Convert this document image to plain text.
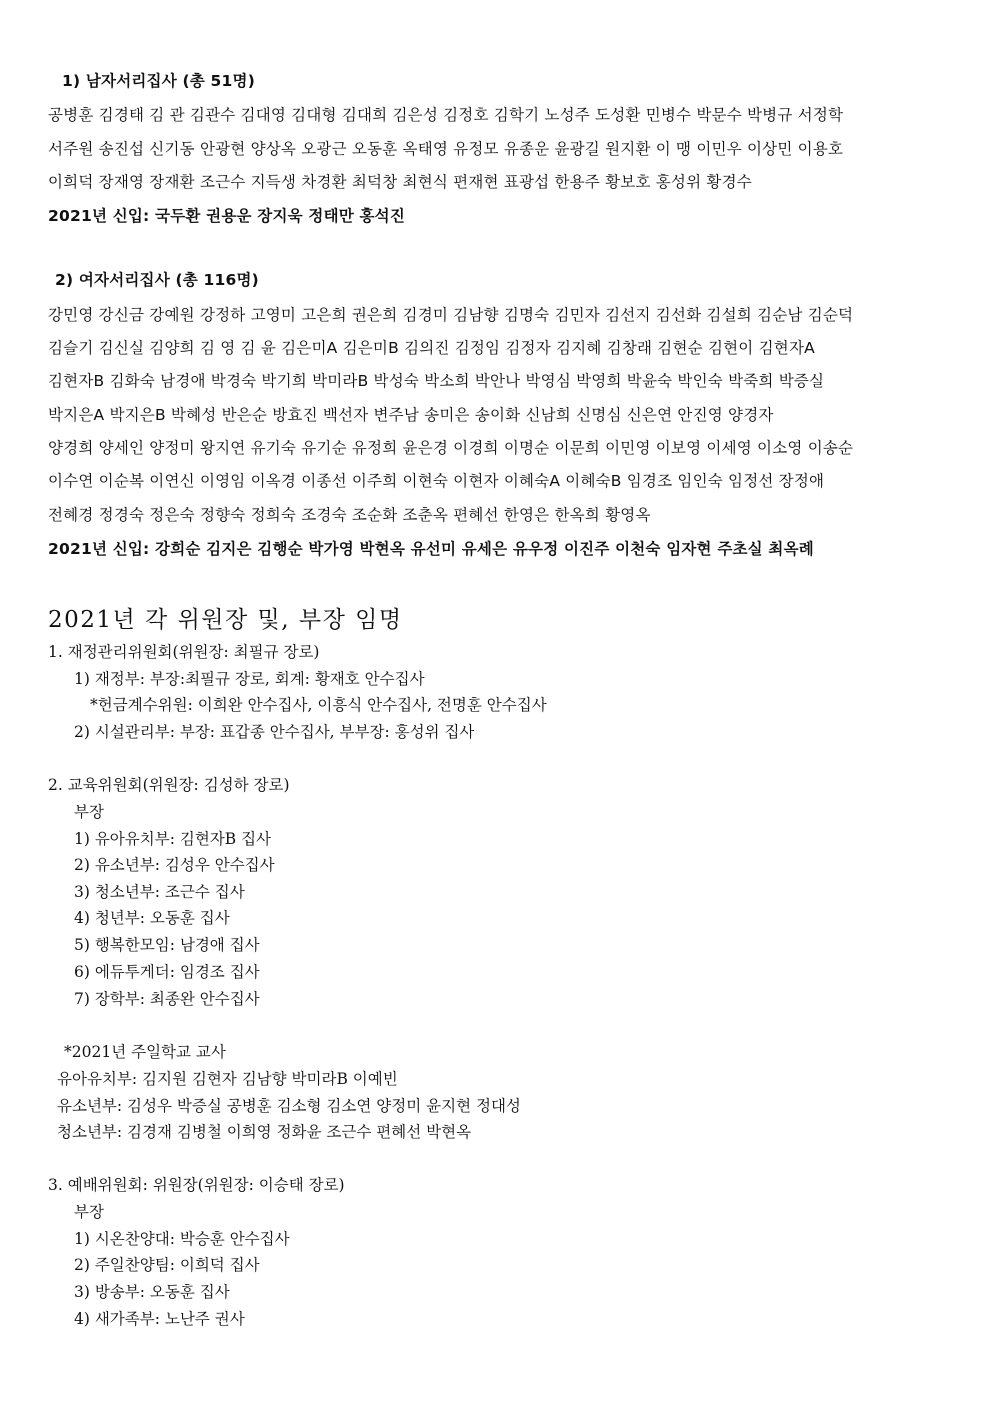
1) 남자서리집사 (총 51명)
공병훈 김경태 김 관 김관수 김대영 김대형 김대희 김은성 김정호 김학기 노성주 도성환 민병수 박문수 박병규 서정학
서주원 송진섭 신기동 안광현 양상옥 오광근 오동훈 옥태영 유정모 유종운 윤광길 원지환 이 맹 이민우 이상민 이용호
이희덕 장재영 장재환 조근수 지득생 차경환 최덕창 최현식 편재현 표광섭 한용주 황보호 홍성위 황경수
2021년 신입: 국두환 권용운 장지욱 정태만 홍석진
2) 여자서리집사 (총 116명)
강민영 강신금 강예원 강정하 고영미 고은희 권은희 김경미 김남향 김명숙 김민자 김선지 김선화 김설희 김순남 김순덕
김슬기 김신실 김양희 김 영 김 윤 김은미A 김은미B 김의진 김정임 김정자 김지혜 김창래 김현순 김현이 김현자A
김현자B 김화숙 남경애 박경숙 박기희 박미라B 박성숙 박소희 박안나 박영심 박영희 박윤숙 박인숙 박죽희 박증실
박지은A 박지은B 박혜성 반은순 방효진 백선자 변주남 송미은 송이화 신남희 신명심 신은연 안진영 양경자
양경희 양세인 양정미 왕지연 유기숙 유기순 유정희 윤은경 이경희 이명순 이문희 이민영 이보영 이세영 이소영 이송순
이수연 이순복 이연신 이영임 이옥경 이종선 이주희 이현숙 이현자 이혜숙A 이혜숙B 임경조 임인숙 임정선 장정애
전혜경 정경숙 정은숙 정향숙 정희숙 조경숙 조순화 조춘옥 편혜선 한영은 한옥희 황영옥
2021년 신입: 강희순 김지은 김행순 박가영 박현옥 유선미 유세은 유우정 이진주 이천숙 임자현 주초실 최옥례
2021년 각 위원장 및, 부장 임명
1. 재정관리위원회(위원장: 최필규 장로)
1) 재정부: 부장:최필규 장로, 회계: 황재호 안수집사
*헌금계수위원: 이희완 안수집사, 이흥식 안수집사, 전명훈 안수집사
2) 시설관리부: 부장: 표갑종 안수집사, 부부장: 홍성위 집사
2. 교육위원회(위원장: 김성하 장로)
부장
1) 유아유치부: 김현자B 집사
2) 유소년부: 김성우 안수집사
3) 청소년부: 조근수 집사
4) 청년부: 오동훈 집사
5) 행복한모임: 남경애 집사
6) 에듀투게더: 임경조 집사
7) 장학부: 최종완 안수집사
*2021년 주일학교 교사
유아유치부: 김지원 김현자 김남향 박미라B 이예빈
유소년부: 김성우 박증실 공병훈 김소형 김소연 양정미 윤지현 정대성
청소년부: 김경재 김병철 이희영 정화윤 조근수 편혜선 박현옥
3. 예배위원회: 위원장(위원장: 이승태 장로)
부장
1) 시온찬양대: 박승훈 안수집사
2) 주일찬양팀: 이희덕 집사
3) 방송부: 오동훈 집사
4) 새가족부: 노난주 권사
